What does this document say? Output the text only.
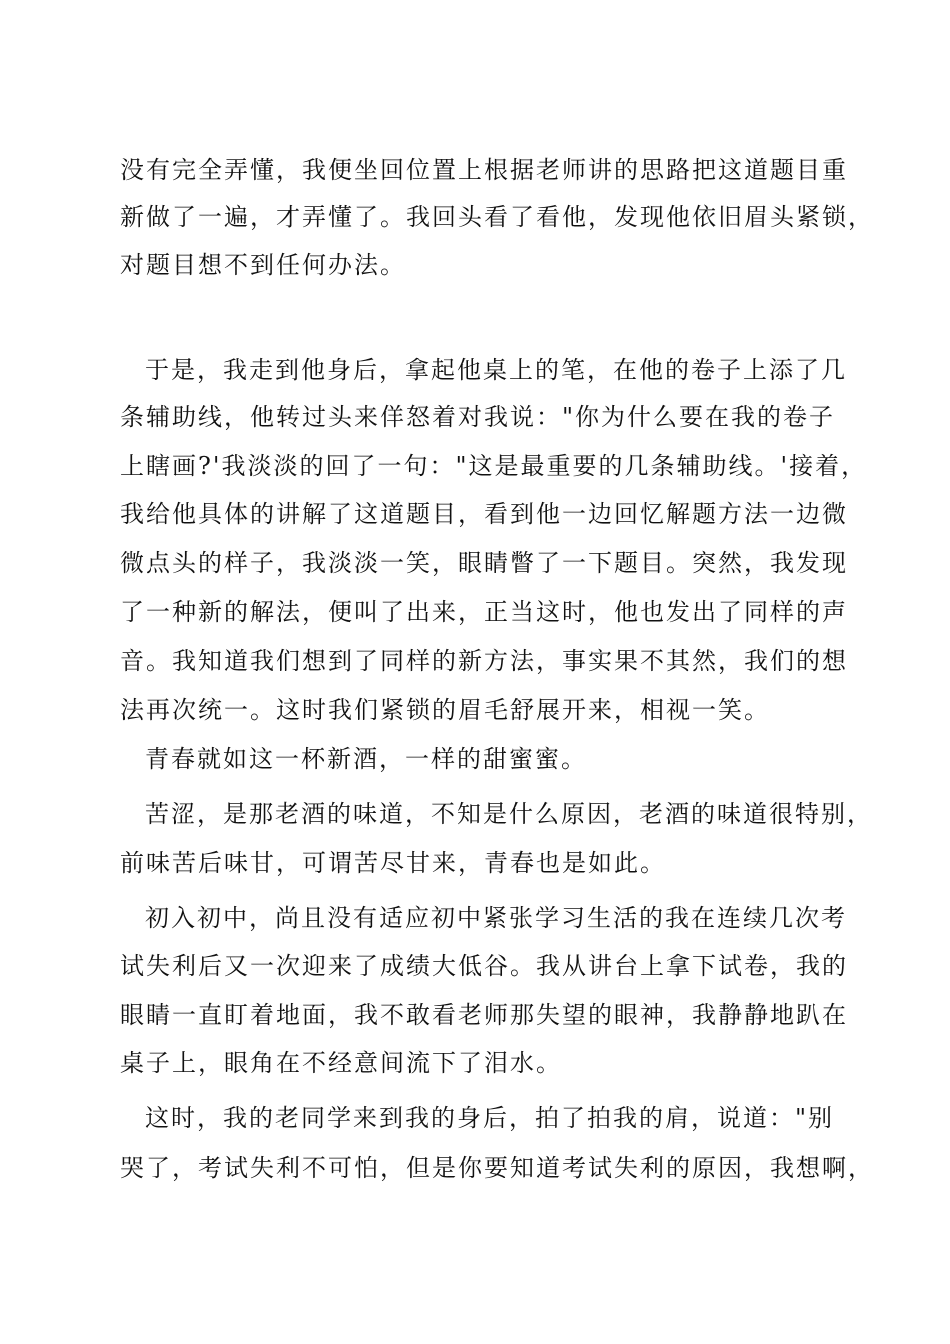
没有完全弄懂，我便坐回位置上根据老师讲的思路把这道题目重
新做了一遍，才弄懂了。我回头看了看他，发现他依旧眉头紧锁，
对题目想不到任何办法。
于是，我走到他身后，拿起他桌上的笔，在他的卷子上添了几
条辅助线，他转过头来佯怒着对我说："你为什么要在我的卷子
上瞎画?'我淡淡的回了一句："这是最重要的几条辅助线。'接着，
我给他具体的讲解了这道题目，看到他一边回忆解题方法一边微
微点头的样子，我淡淡一笑，眼睛瞥了一下题目。突然，我发现
了一种新的解法，便叫了出来，正当这时，他也发出了同样的声
音。我知道我们想到了同样的新方法，事实果不其然，我们的想
法再次统一。这时我们紧锁的眉毛舒展开来，相视一笑。
青春就如这一杯新酒，一样的甜蜜蜜。
苦涩，是那老酒的味道，不知是什么原因，老酒的味道很特别，
前味苦后味甘，可谓苦尽甘来，青春也是如此。
初入初中，尚且没有适应初中紧张学习生活的我在连续几次考
试失利后又一次迎来了成绩大低谷。我从讲台上拿下试卷，我的
眼睛一直盯着地面，我不敢看老师那失望的眼神，我静静地趴在
桌子上，眼角在不经意间流下了泪水。
这时，我的老同学来到我的身后，拍了拍我的肩，说道："别
哭了，考试失利不可怕，但是你要知道考试失利的原因，我想啊，
